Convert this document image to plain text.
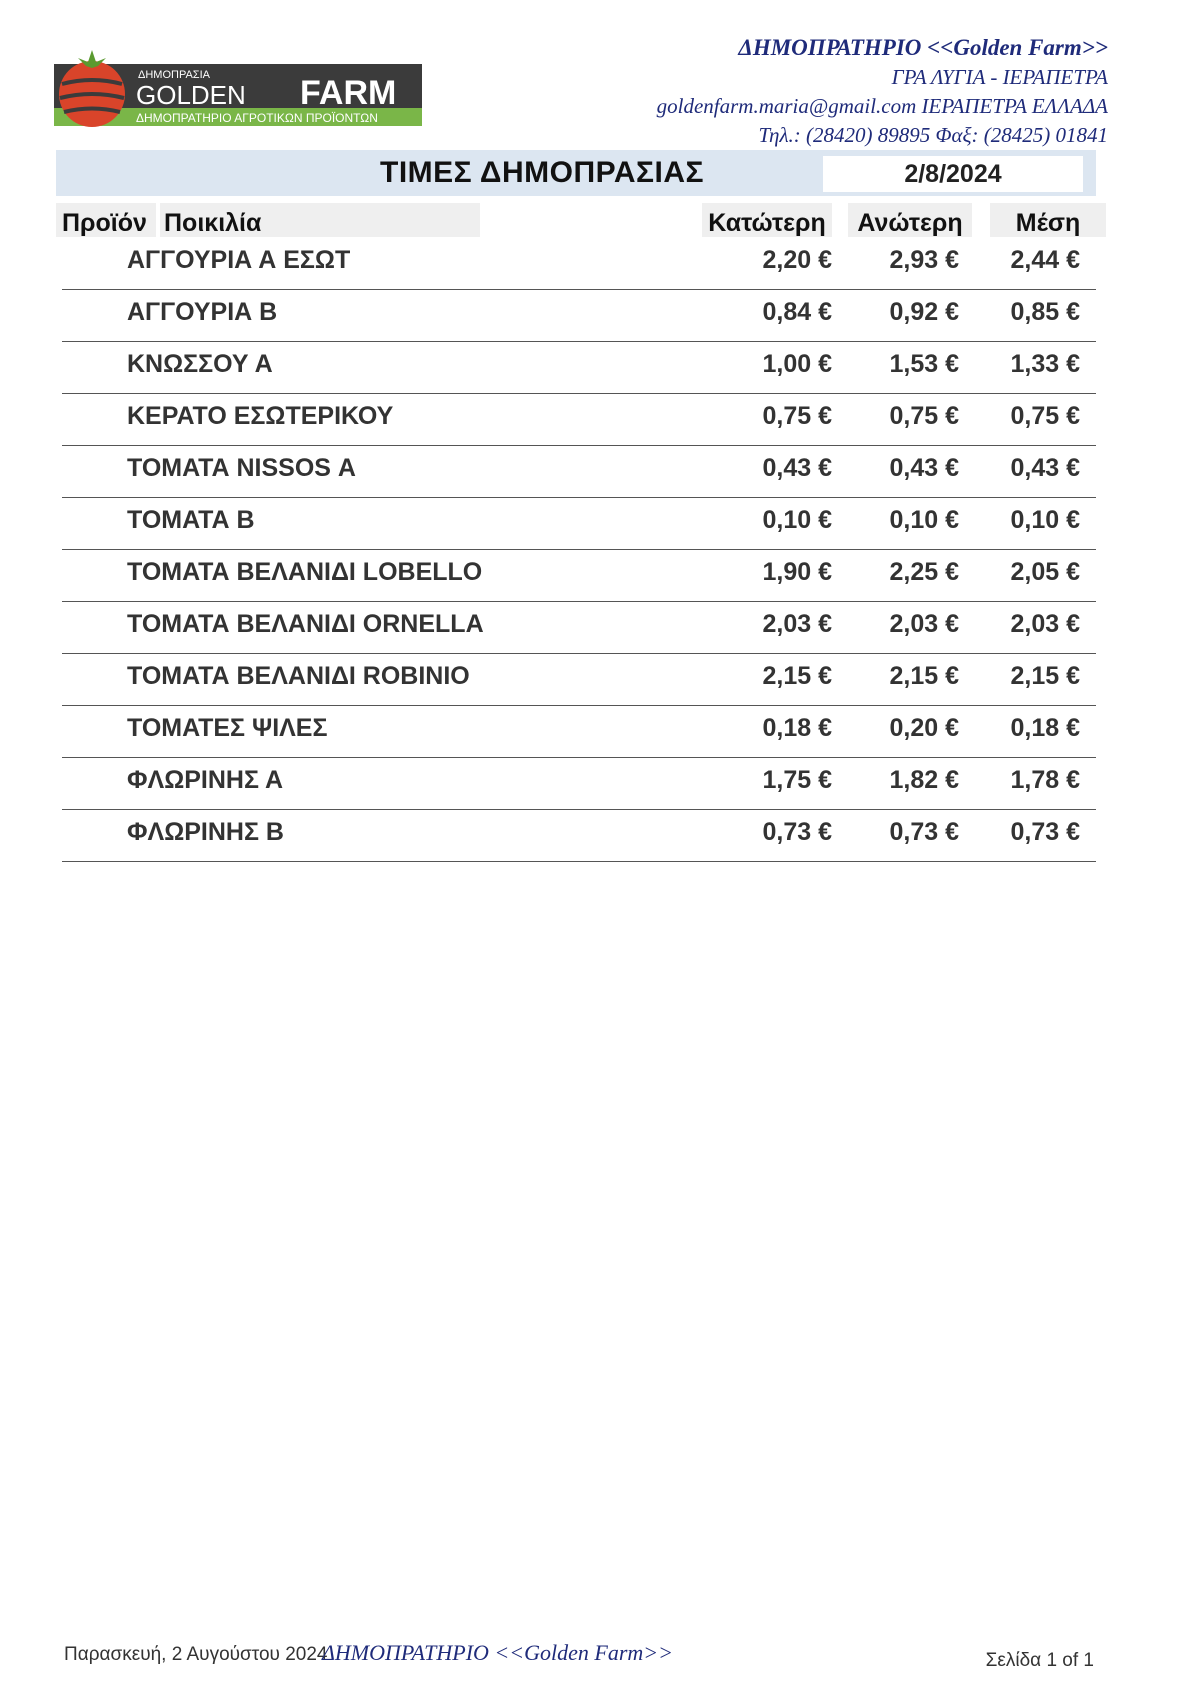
ΔΗΜΟΠΡΑΣΙΑ
GOLDEN FARM
ΔΗΜΟΠΡΑΤΗΡΙΟ ΑΓΡΟΤΙΚΩΝ ΠΡΟΪΟΝΤΩΝ
ΔΗΜΟΠΡΑΤΗΡΙΟ <<Golden Farm>>
ΓΡΑ ΛΥΓΙΑ - ΙΕΡΑΠΕΤΡΑ
goldenfarm.maria@gmail.com ΙΕΡΑΠΕΤΡΑ ΕΛΛΑΔΑ
Τηλ.: (28420) 89895 Φαξ: (28425) 01841
ΤΙΜΕΣ ΔΗΜΟΠΡΑΣΙΑΣ	2/8/2024
Προϊόν Ποικιλία	Κατώτερη	Ανώτερη	Μέση
ΑΓΓΟΥΡΙΑ Α ΕΣΩΤ	2,20 € 2,93 € 2,44 €
ΑΓΓΟΥΡΙΑ Β	0,84 € 0,92 € 0,85 €
ΚΝΩΣΣΟΥ Α	1,00 € 1,53 € 1,33 €
ΚΕΡΑΤΟ ΕΣΩΤΕΡΙΚΟΥ	0,75 € 0,75 € 0,75 €
ΤΟΜΑΤΑ NISSOS Α	0,43 € 0,43 € 0,43 €
ΤΟΜΑΤΑ Β	0,10 € 0,10 € 0,10 €
ΤΟΜΑΤΑ ΒΕΛΑΝΙΔΙ LOBELLO	1,90 € 2,25 € 2,05 €
ΤΟΜΑΤΑ ΒΕΛΑΝΙΔΙ ORNELLA	2,03 € 2,03 € 2,03 €
ΤΟΜΑΤΑ ΒΕΛΑΝΙΔΙ ROBINIO	2,15 € 2,15 € 2,15 €
ΤΟΜΑΤΕΣ ΨΙΛΕΣ	0,18 € 0,20 € 0,18 €
ΦΛΩΡΙΝΗΣ Α	1,75 € 1,82 € 1,78 €
ΦΛΩΡΙΝΗΣ Β	0,73 € 0,73 € 0,73 €
Παρασκευή, 2 Αυγούστου 2024
ΔΗΜΟΠΡΑΤΗΡΙΟ <<Golden Farm>>	Σελίδα 1 of 1
